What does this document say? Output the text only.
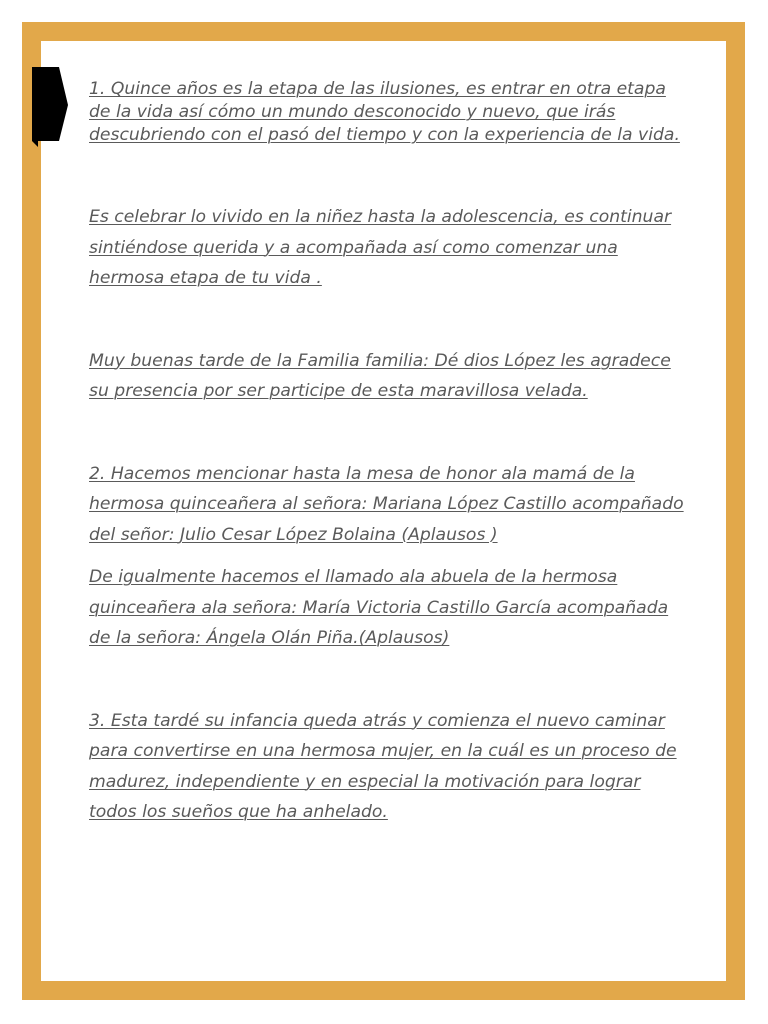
1. Quince años es la etapa de las ilusiones, es entrar en otra etapa de la vida así cómo un mundo desconocido y nuevo, que irás descubriendo con el pasó del tiempo y con la experiencia de la vida.

Es celebrar lo vivido en la niñez hasta la adolescencia, es continuar sintiéndose querida y a acompañada así como comenzar una hermosa etapa de tu vida .

Muy buenas tarde de la Familia familia: Dé dios López les agradece su presencia por ser participe de esta maravillosa velada.

2. Hacemos mencionar hasta la mesa de honor ala mamá de la hermosa quinceañera al señora: Mariana López Castillo acompañado del señor: Julio Cesar López Bolaina (Aplausos )

De igualmente hacemos el llamado ala abuela de la hermosa quinceañera ala señora: María Victoria Castillo García acompañada de la señora: Ángela Olán Piña.(Aplausos)

3. Esta tardé su infancia queda atrás y comienza el nuevo caminar para convertirse en una hermosa mujer, en la cuál es un proceso de madurez, independiente y en especial la motivación para lograr todos los sueños que ha anhelado.
